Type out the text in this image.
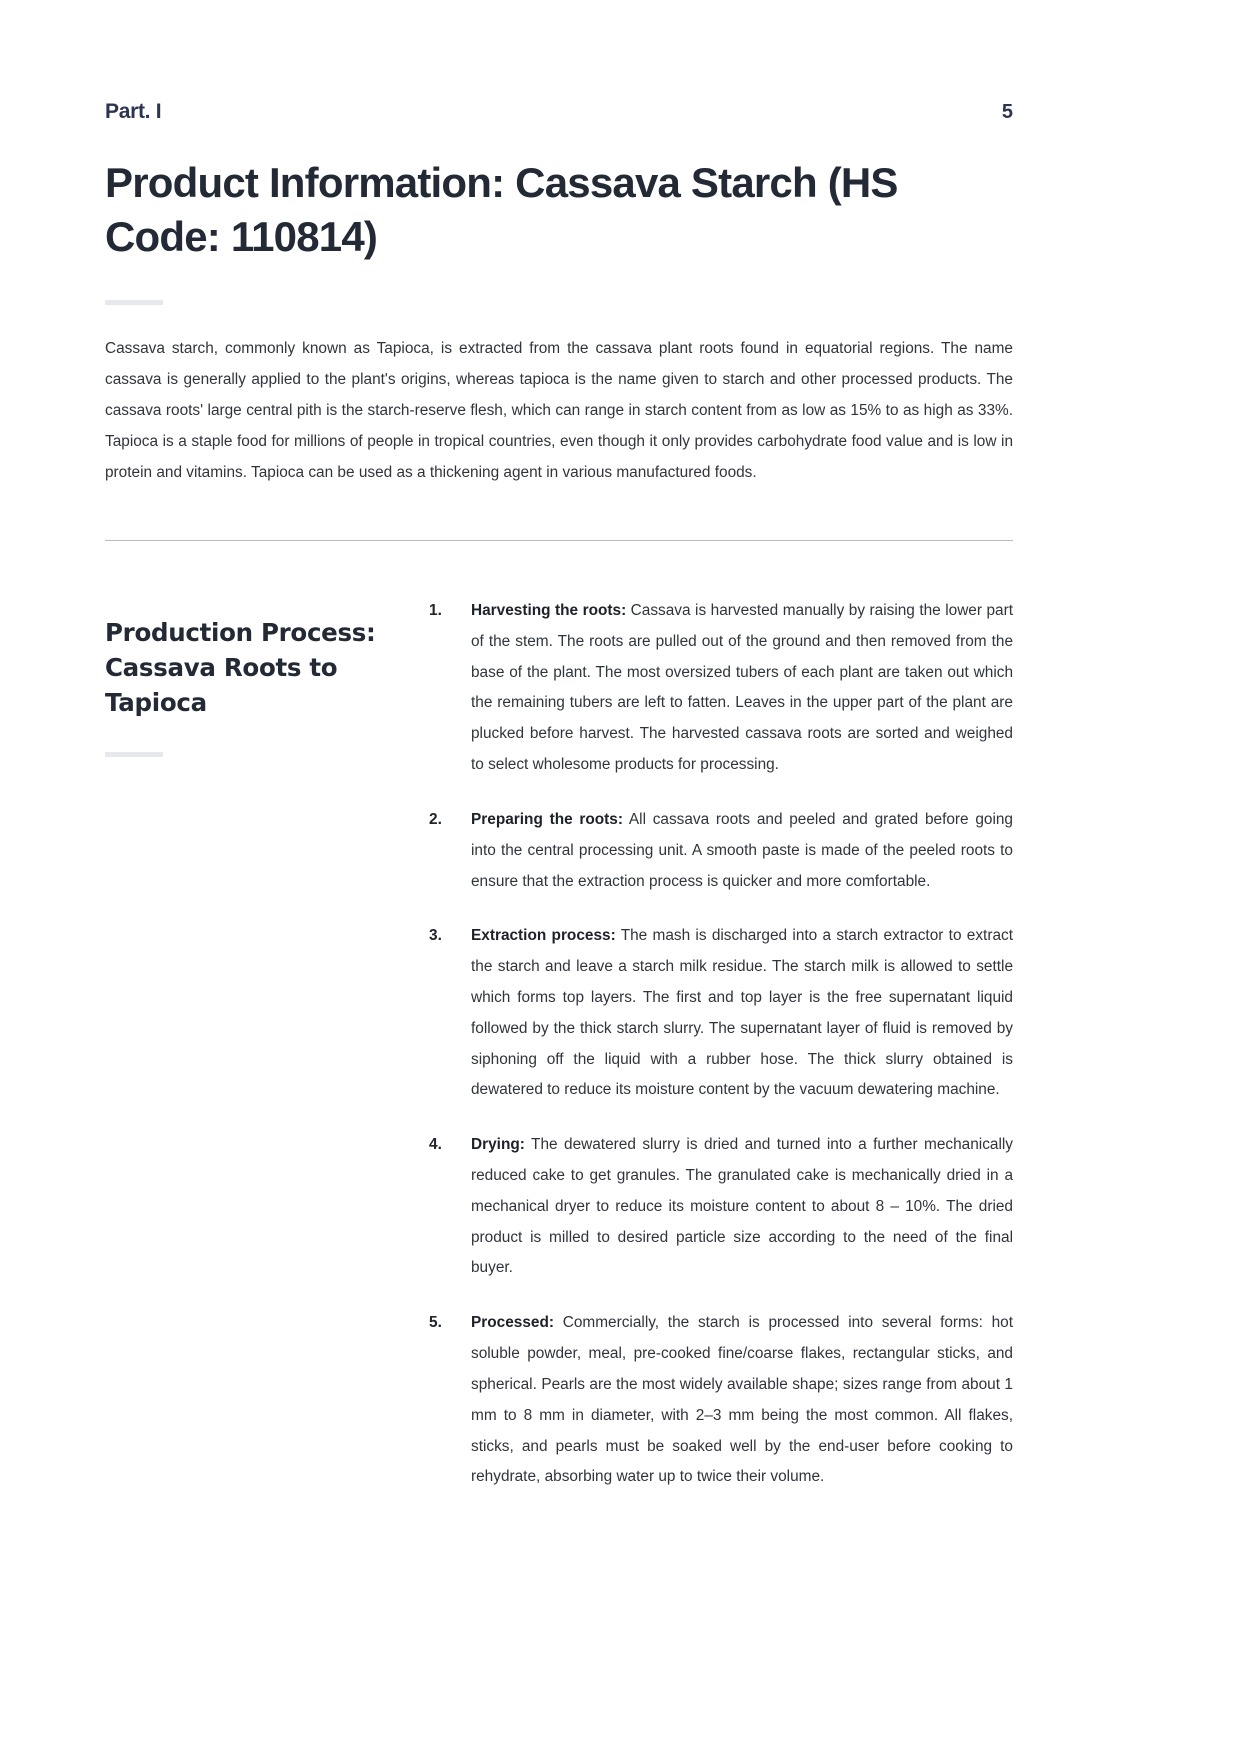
Part. I	5
Product Information: Cassava Starch (HS Code: 110814)

Cassava starch, commonly known as Tapioca, is extracted from the cassava plant roots found in equatorial regions. The name cassava is generally applied to the plant's origins, whereas tapioca is the name given to starch and other processed products. The cassava roots' large central pith is the starch-reserve flesh, which can range in starch content from as low as 15% to as high as 33%. Tapioca is a staple food for millions of people in tropical countries, even though it only provides carbohydrate food value and is low in protein and vitamins. Tapioca can be used as a thickening agent in various manufactured foods.

Production Process: Cassava Roots to Tapioca
Harvesting the roots: Cassava is harvested manually by raising the lower part of the stem. The roots are pulled out of the ground and then removed from the base of the plant. The most oversized tubers of each plant are taken out which the remaining tubers are left to fatten. Leaves in the upper part of the plant are plucked before harvest. The harvested cassava roots are sorted and weighed to select wholesome products for processing.
Preparing the roots: All cassava roots and peeled and grated before going into the central processing unit. A smooth paste is made of the peeled roots to ensure that the extraction process is quicker and more comfortable.
Extraction process: The mash is discharged into a starch extractor to extract the starch and leave a starch milk residue. The starch milk is allowed to settle which forms top layers. The first and top layer is the free supernatant liquid followed by the thick starch slurry. The supernatant layer of fluid is removed by siphoning off the liquid with a rubber hose. The thick slurry obtained is dewatered to reduce its moisture content by the vacuum dewatering machine.
Drying: The dewatered slurry is dried and turned into a further mechanically reduced cake to get granules. The granulated cake is mechanically dried in a mechanical dryer to reduce its moisture content to about 8 – 10%. The dried product is milled to desired particle size according to the need of the final buyer.
Processed: Commercially, the starch is processed into several forms: hot soluble powder, meal, pre-cooked fine/coarse flakes, rectangular sticks, and spherical. Pearls are the most widely available shape; sizes range from about 1 mm to 8 mm in diameter, with 2–3 mm being the most common. All flakes, sticks, and pearls must be soaked well by the end-user before cooking to rehydrate, absorbing water up to twice their volume.
